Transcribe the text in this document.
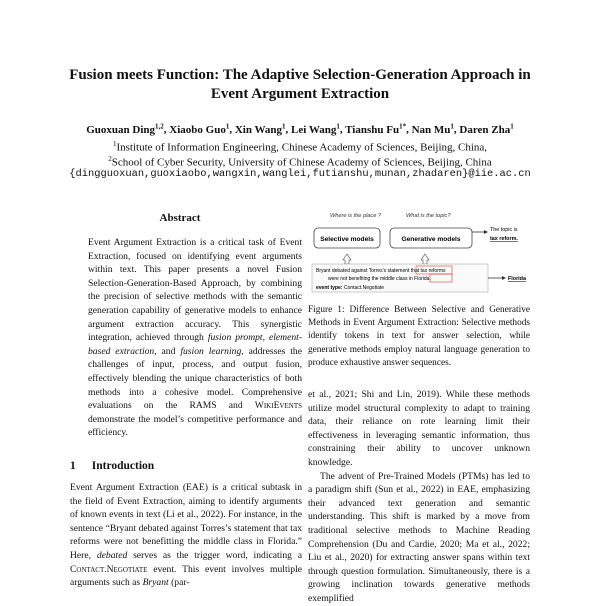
Fusion meets Function: The Adaptive Selection-Generation Approach in
Event Argument Extraction
Guoxuan Ding$^{1,2}$, Xiaobo Guo$^1$, Xin Wang$^1$, Lei Wang$^1$, Tianshu $Fu^{1*}$, Nan Mu$^1$, Daren Zha$^1$
$^1$Institute of Information Engineering, Chinese Academy of Sciences, Beijing, China,
$^2$School of Cyber Security, University of Chinese Academy of Sciences, Beijing, China
{dingguoxuan,guoxiaobo,wangxin,wanglei,futianshu,munan,zhadaren}@iie.ac.cn
Abstract
Event Argument Extraction is a critical task of Event Extraction, focused on identifying event arguments within text. This paper presents a novel Fusion Selection-Generation-Based Approach, by combining the precision of selective methods with the semantic generation capability of generative models to enhance argument extraction accuracy. This synergistic integration, achieved through fusion prompt, element-based extraction, and fusion learning, addresses the challenges of input, process, and output fusion, effectively blending the unique characteristics of both methods into a cohesive model. Comprehensive evaluations on the RAMS and WikiEvents demonstrate the model’s competitive performance and efficiency.
1 Introduction
Event Argument Extraction (EAE) is a critical subtask in the field of Event Extraction, aiming to identify arguments of known events in text (Li et al., 2022). For instance, in the sentence “Bryant debated against Torres’s statement that tax reforms were not benefitting the middle class in Florida.” Here, debated serves as the trigger word, indicating a Contact.Negotiate event. This event involves multiple arguments such as Bryant (par-
Where is the place ?	What is the topic?
Selective models	Generative models
The topic is
tax reform.
Bryant debated against Torres's statement that tax reforms
were not benefiting the middle class in Florida.
event type: Contact.Negotiate
Florida
Figure 1: Difference Between Selective and Generative Methods in Event Argument Extraction: Selective methods identify tokens in text for answer selection, while generative methods employ natural language generation to produce exhaustive answer sequences.

et al., 2021; Shi and Lin, 2019). While these methods utilize model structural complexity to adapt to training data, their reliance on rote learning limit their effectiveness in leveraging semantic information, thus constraining their ability to uncover unknown knowledge.

The advent of Pre-Trained Models (PTMs) has led to a paradigm shift (Sun et al., 2022) in EAE, emphasizing their advanced text generation and semantic understanding. This shift is marked by a move from traditional selective methods to Machine Reading Comprehension (Du and Cardie, 2020; Ma et al., 2022; Liu et al., 2020) for extracting answer spans within text through question formulation. Simultaneously, there is a growing inclination towards generative methods exemplified
